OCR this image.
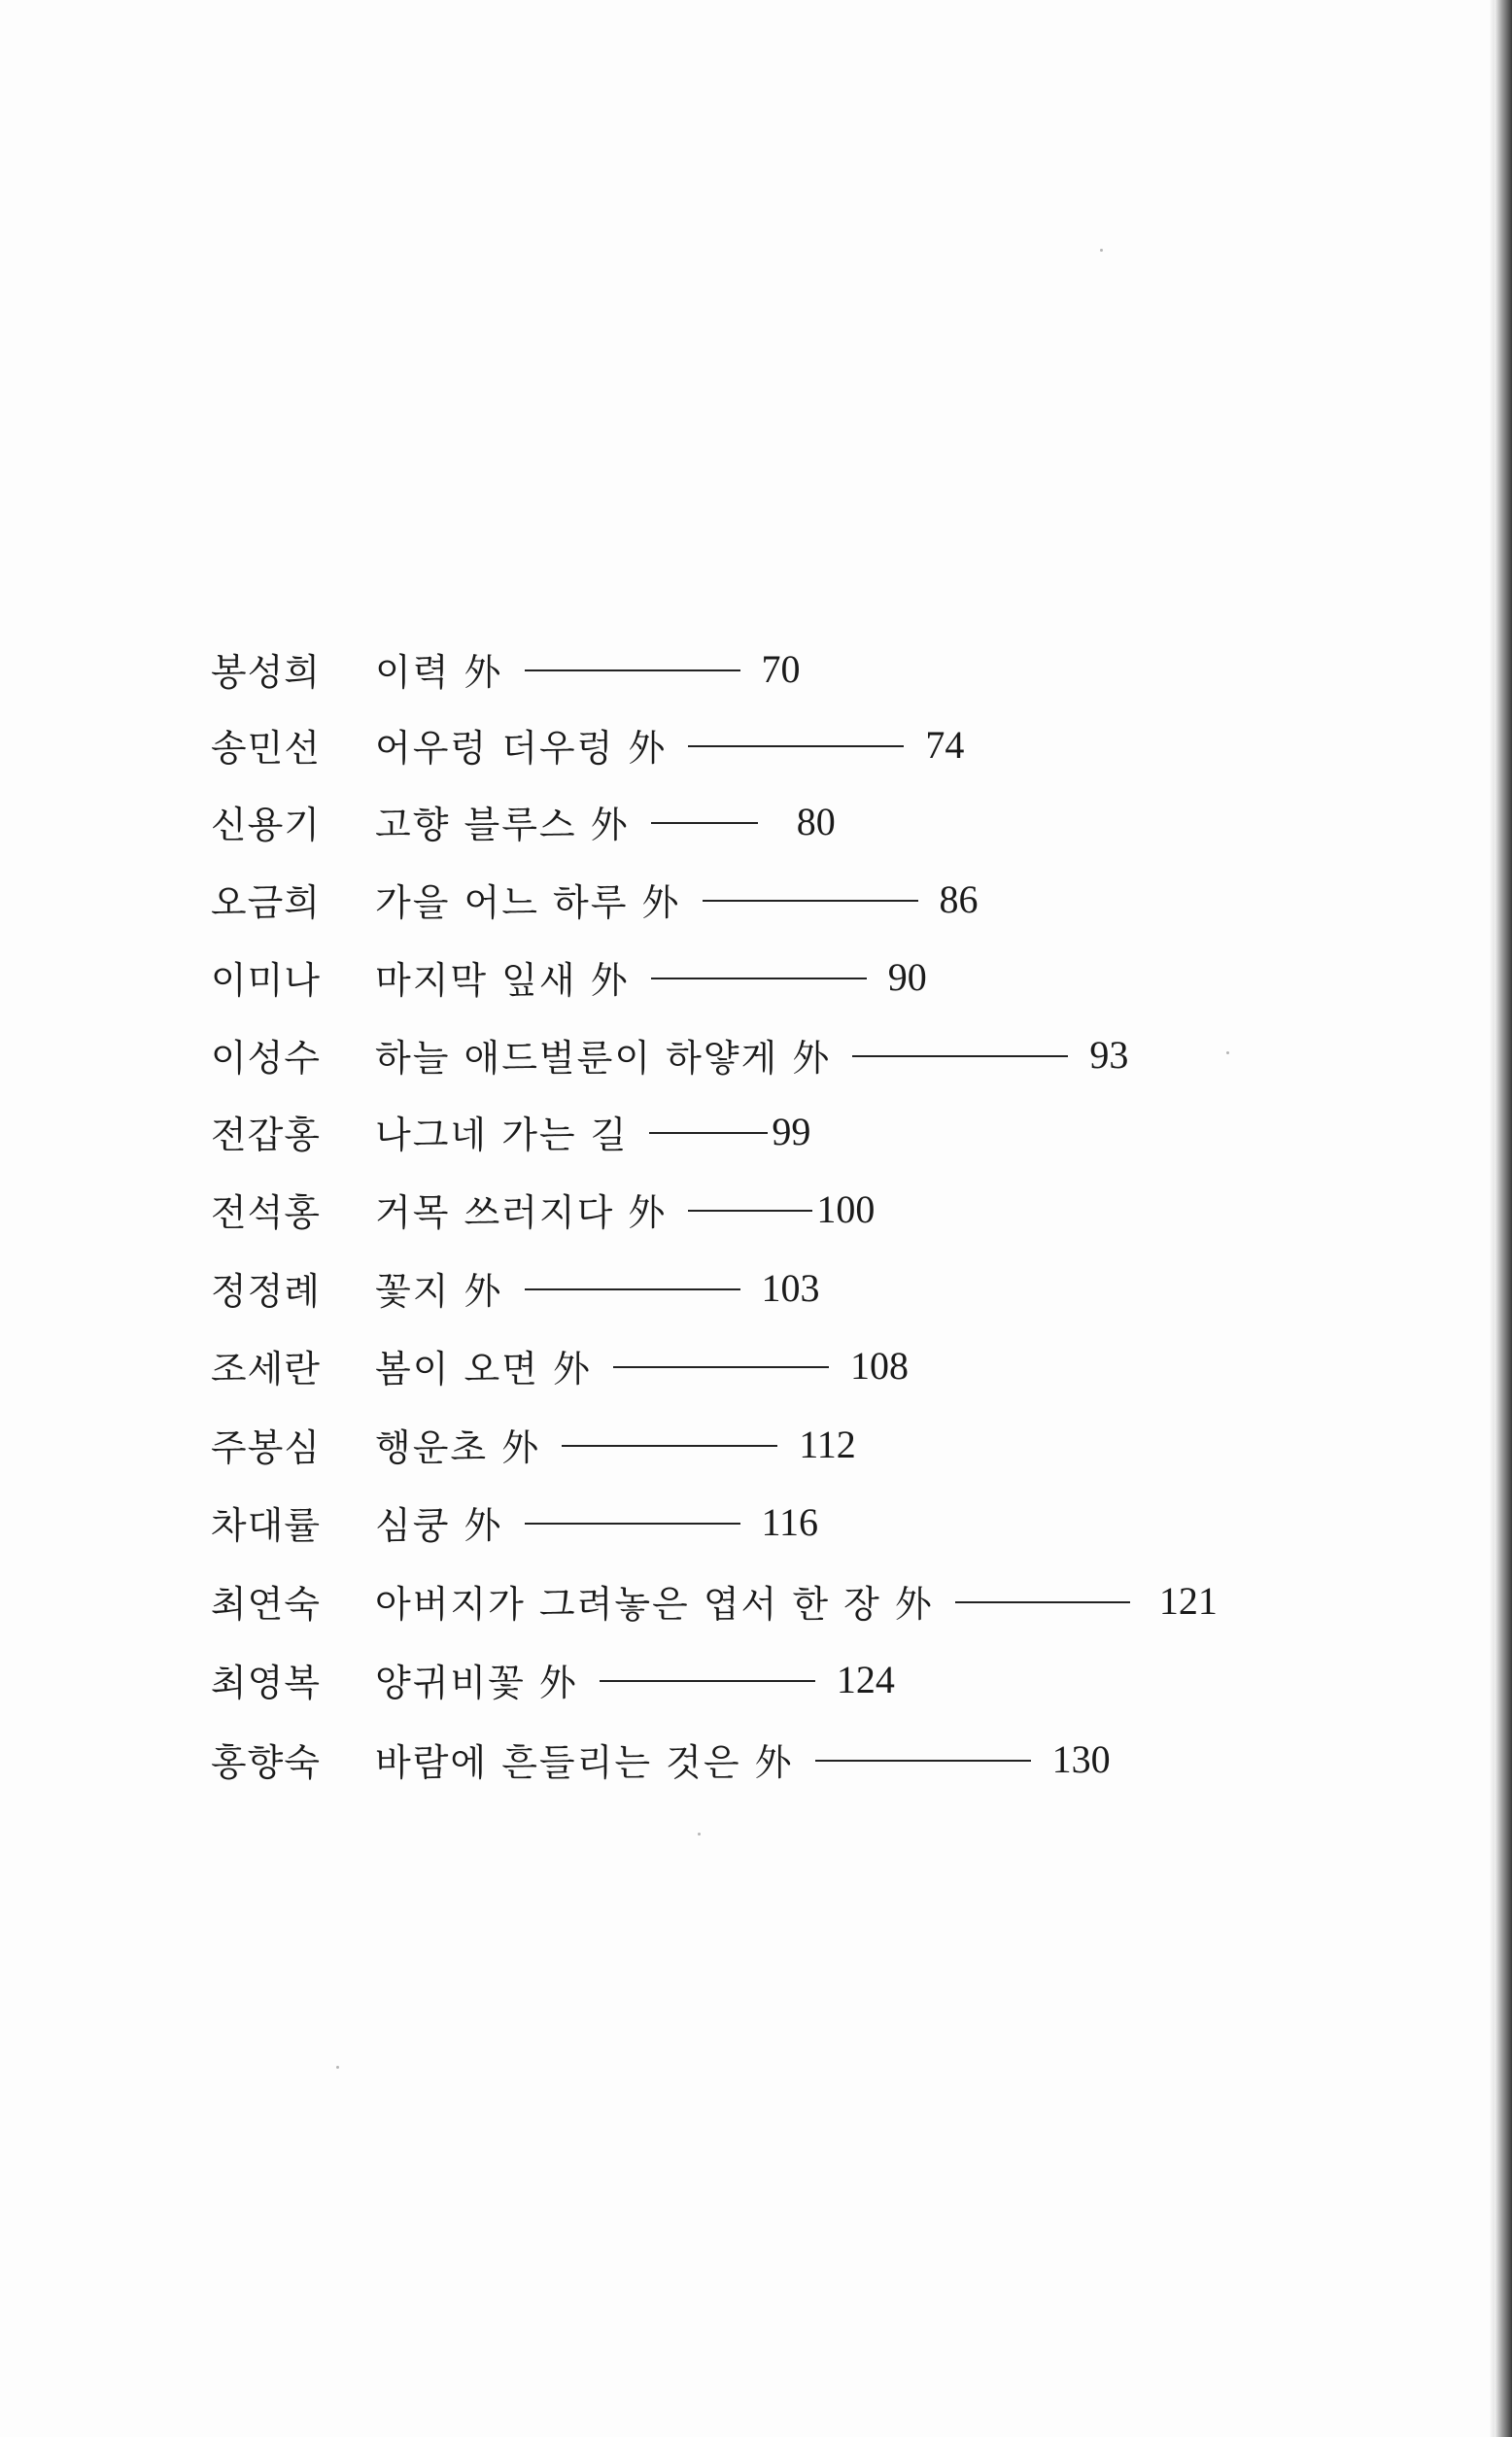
봉성희 이력 外	70
송민선 어우렁 더우렁 外	74
신용기 고향 블루스 外	80
오금희 가을 어느 하루 外	86
이미나 마지막 잎새 外	90
이성수 하늘 애드벌룬이 하얗게 外	93
전갑홍 나그네 가는 길	99
전석홍 거목 쓰러지다 外	100
정정례 꽃지 外	103
조세란 봄이 오면 外	108
주봉심 행운초 外	112
차대률 심쿵 外	116
최연숙 아버지가 그려놓은 엽서 한 장 外	121
최영복 양귀비꽃 外	124
홍향숙 바람에 흔들리는 것은 外	130
